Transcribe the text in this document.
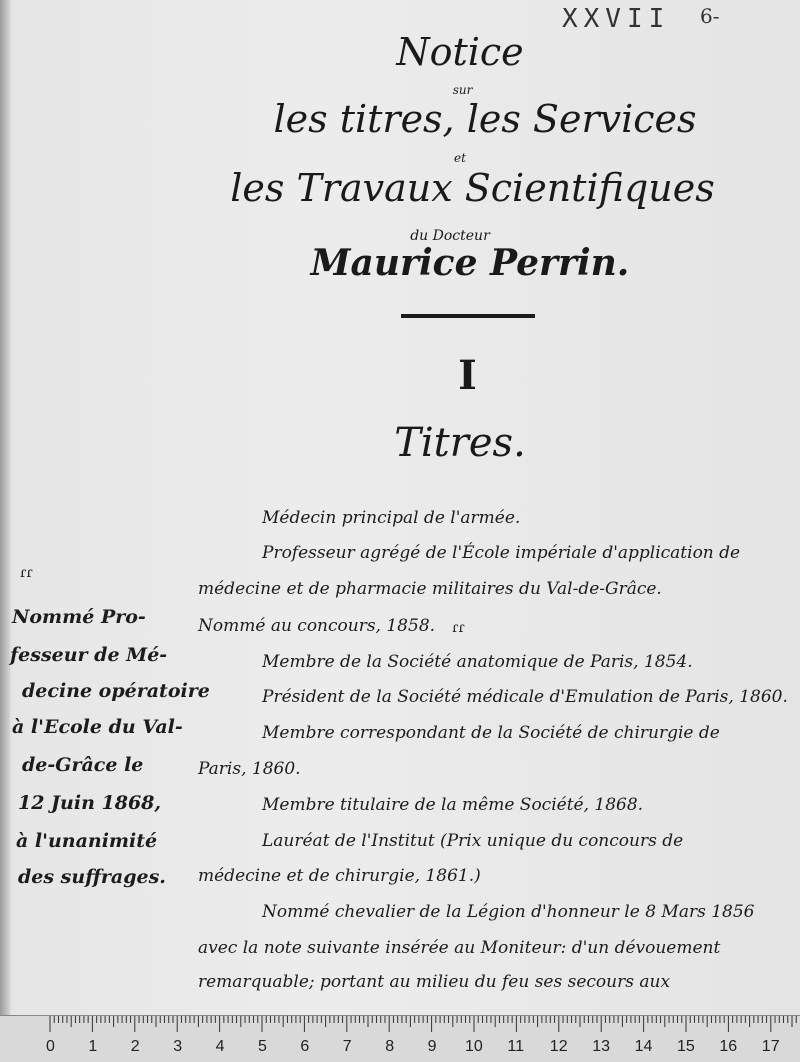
XXVII 6-
Notice
sur
les titres, les Services
et
les Travaux Scientifiques
du Docteur
Maurice Perrin.
I
Titres.
Médecin principal de l'armée.
Professeur agrégé de l'École impériale d'application de
médecine et de pharmacie militaires du Val-de-Grâce.
Nommé au concours, 1858.
Membre de la Société anatomique de Paris, 1854.
Président de la Société médicale d'Emulation de Paris, 1860.
Membre correspondant de la Société de chirurgie de
Paris, 1860.
Membre titulaire de la même Société, 1868.
Lauréat de l'Institut (Prix unique du concours de
médecine et de chirurgie, 1861.)
Nommé chevalier de la Légion d'honneur le 8 Mars 1856
avec la note suivante insérée au Moniteur: d'un dévouement
remarquable; portant au milieu du feu ses secours aux
ɾɾ
ɾɾ
Nommé Pro-
fesseur de Mé-
decine opératoire
à l'Ecole du Val-
de-Grâce le
12 Juin 1868,
à l'unanimité
des suffrages.
0 1 2 3 4 5 6 7 8 9 10 11 12 13 14 15 16 17
